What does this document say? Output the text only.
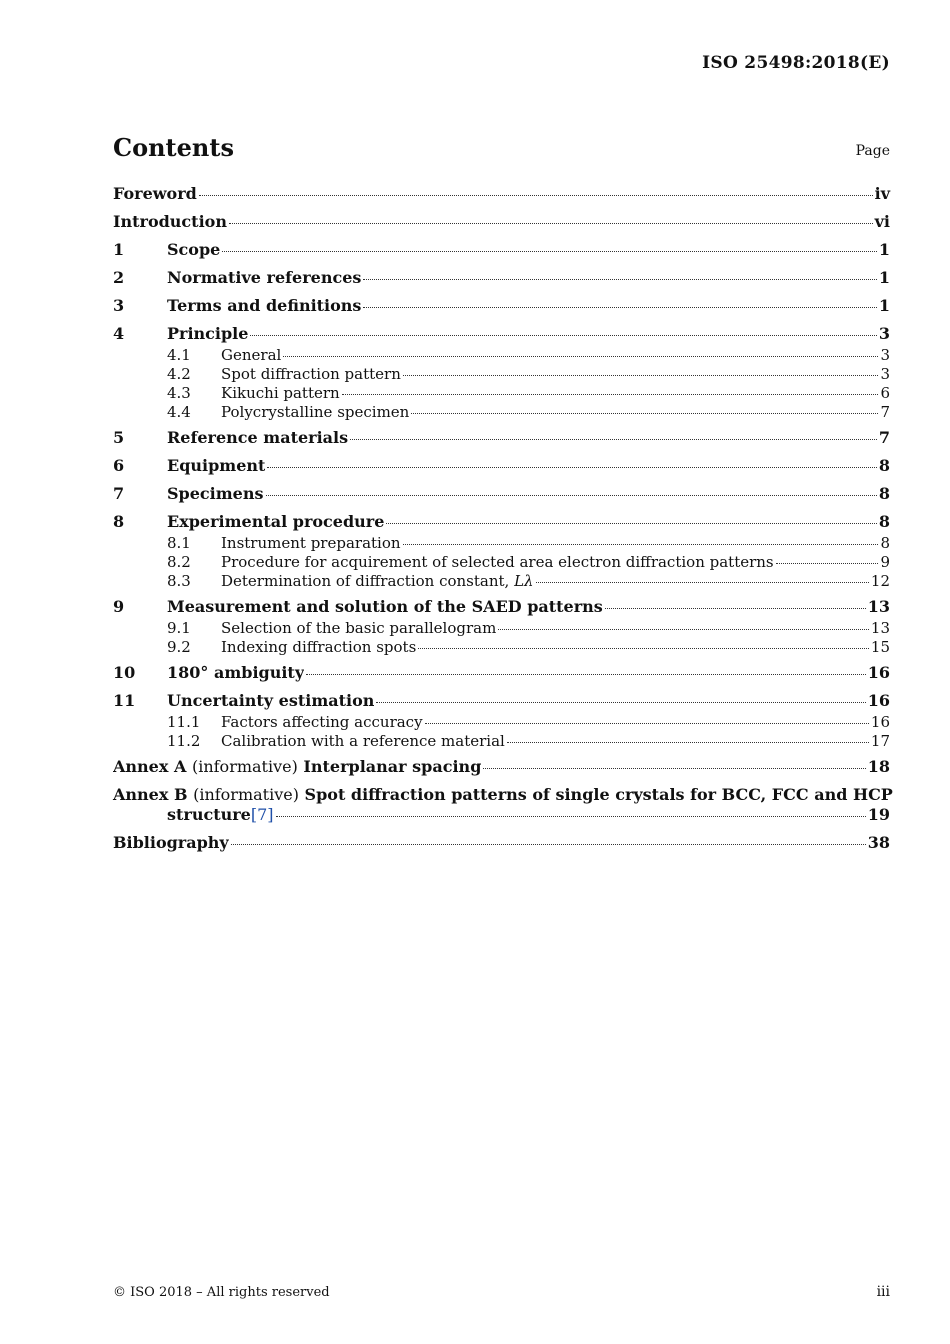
ISO 25498:2018(E)
Contents	Page
Foreword	iv
Introduction	vi
1	Scope	1
2	Normative references	1
3	Terms and definitions	1
4	Principle	3
4.1	General	3
4.2	Spot diffraction pattern	3
4.3	Kikuchi pattern	6
4.4	Polycrystalline specimen	7
5	Reference materials	7
6	Equipment	8
7	Specimens	8
8	Experimental procedure	8
8.1	Instrument preparation	8
8.2	Procedure for acquirement of selected area electron diffraction patterns	9
8.3	Determination of diffraction constant, Lλ	12
9	Measurement and solution of the SAED patterns	13
9.1	Selection of the basic parallelogram	13
9.2	Indexing diffraction spots	15
10	180° ambiguity	16
11	Uncertainty estimation	16
11.1	Factors affecting accuracy	16
11.2	Calibration with a reference material	17
Annex A (informative) Interplanar spacing	18
Annex B (informative) Spot diffraction patterns of single crystals for BCC, FCC and HCP
structure[7]	19
Bibliography	38
© ISO 2018 – All rights reserved	iii
